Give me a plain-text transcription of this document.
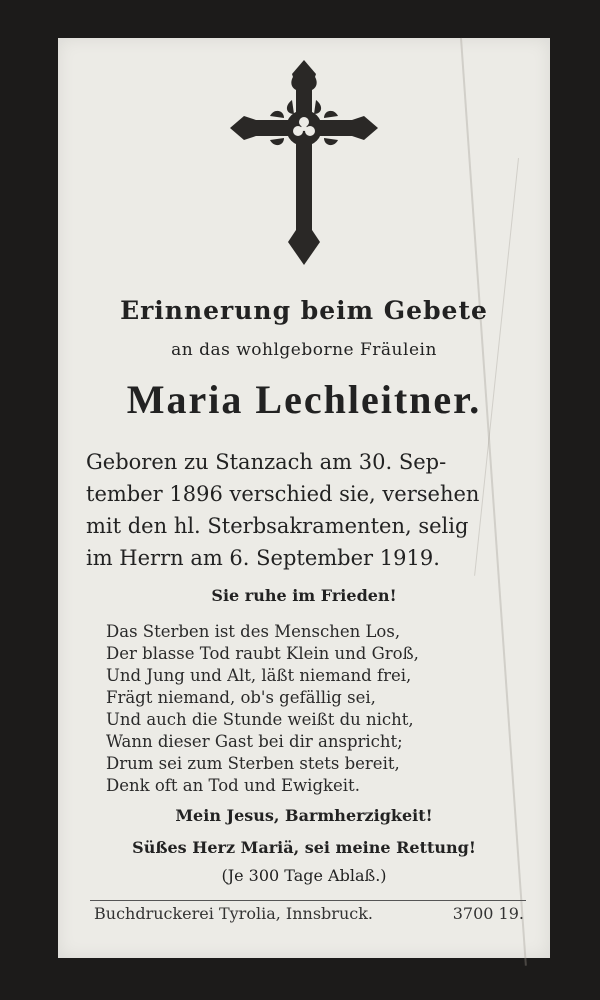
Erinnerung beim Gebete
an das wohlgeborne Fräulein
Maria Lechleitner.
Geboren zu Stanzach am 30. Sep-
tember 1896 verschied sie, versehen
mit den hl. Sterbsakramenten, selig
im Herrn am 6. September 1919.
Sie ruhe im Frieden!
Das Sterben ist des Menschen Los,
Der blasse Tod raubt Klein und Groß,
Und Jung und Alt, läßt niemand frei,
Frägt niemand, ob's gefällig sei,
Und auch die Stunde weißt du nicht,
Wann dieser Gast bei dir anspricht;
Drum sei zum Sterben stets bereit,
Denk oft an Tod und Ewigkeit.
Mein Jesus, Barmherzigkeit!
Süßes Herz Mariä, sei meine Rettung!
(Je 300 Tage Ablaß.)
Buchdruckerei Tyrolia, Innsbruck.	3700 19.
